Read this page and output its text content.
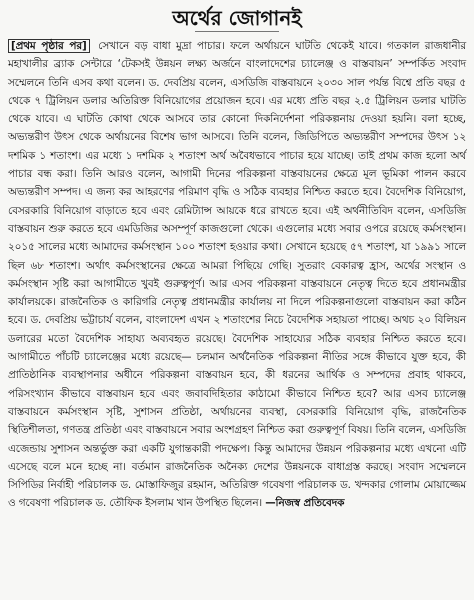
অর্থের জোগানই
[প্রথম পৃষ্ঠার পর] সেখানে বড় বাধা মুদ্রা পাচার। ফলে অর্থায়নে ঘাটতি থেকেই যাবে। গতকাল রাজধানীর মহাখালীর ব্র্যাক সেন্টারে ‘টেকসই উন্নয়ন লক্ষ্য অর্জনে বাংলাদেশের চ্যালেঞ্জ ও বাস্তবায়ন’ সম্পর্কিত সংবাদ সম্মেলনে তিনি এসব কথা বলেন। ড. দেবপ্রিয় বলেন, এসডিজি বাস্তবায়নে ২০৩০ সাল পর্যন্ত বিশ্বে প্রতি বছর ৫ থেকে ৭ ট্রিলিয়ন ডলার অতিরিক্ত বিনিয়োগের প্রয়োজন হবে। এর মধ্যে প্রতি বছর ২.৫ ট্রিলিয়ন ডলার ঘাটতি থেকে যাবে। এ ঘাটতি কোথা থেকে আসবে তার কোনো দিকনির্দেশনা পরিকল্পনায় দেওয়া হয়নি। বলা হচ্ছে, অভ্যন্তরীণ উৎস থেকে অর্থায়নের বিশেষ ভাগ আসবে। তিনি বলেন, জিডিপিতে অভ্যন্তরীণ সম্পদের উৎস ১২ দশমিক ১ শতাংশ। এর মধ্যে ১ দশমিক ২ শতাংশ অর্থ অবৈধভাবে পাচার হয়ে যাচ্ছে। তাই প্রথম কাজ হলো অর্থ পাচার বন্ধ করা। তিনি আরও বলেন, আগামী দিনের পরিকল্পনা বাস্তবায়নের ক্ষেত্রে মূল ভূমিকা পালন করবে অভ্যন্তরীণ সম্পদ। এ জন্য কর আহরণের পরিমাণ বৃদ্ধি ও সঠিক ব্যবহার নিশ্চিত করতে হবে। বৈদেশিক বিনিয়োগ, বেসরকারি বিনিয়োগ বাড়াতে হবে এবং রেমিট্যান্স আয়কে ধরে রাখতে হবে। এই অর্থনীতিবিদ বলেন, এসডিজি বাস্তবায়ন শুরু করতে হবে এমডিজির অসম্পূর্ণ কাজগুলো থেকে। এগুলোর মধ্যে সবার ওপরে রয়েছে কর্মসংস্থান। ২০১৫ সালের মধ্যে আমাদের কর্মসংস্থান ১০০ শতাংশ হওয়ার কথা। সেখানে হয়েছে ৫৭ শতাংশ, যা ১৯৯১ সালে ছিল ৬৮ শতাংশ। অর্থাৎ কর্মসংস্থানের ক্ষেত্রে আমরা পিছিয়ে গেছি। সুতরাং বেকারত্ব হ্রাস, অর্থের সংস্থান ও কর্মসংস্থান সৃষ্টি করা আগামীতে খুবই গুরুত্বপূর্ণ। আর এসব পরিকল্পনা বাস্তবায়নে নেতৃত্ব দিতে হবে প্রধানমন্ত্রীর কার্যালয়কে। রাজনৈতিক ও কারিগরি নেতৃত্ব প্রধানমন্ত্রীর কার্যালয় না দিলে পরিকল্পনাগুলো বাস্তবায়ন করা কঠিন হবে। ড. দেবপ্রিয় ভট্টাচার্য বলেন, বাংলাদেশ এখন ২ শতাংশের নিচে বৈদেশিক সহায়তা পাচ্ছে। অথচ ২০ বিলিয়ন ডলারের মতো বৈদেশিক সাহায্য অব্যবহৃত রয়েছে। বৈদেশিক সাহায্যের সঠিক ব্যবহার নিশ্চিত করতে হবে। আগামীতে পাঁচটি চ্যালেঞ্জের মধ্যে রয়েছে— চলমান অর্থনৈতিক পরিকল্পনা নীতির সঙ্গে কীভাবে যুক্ত হবে, কী প্রাতিষ্ঠানিক ব্যবস্থাপনার অধীনে পরিকল্পনা বাস্তবায়ন হবে, কী ধরনের আর্থিক ও সম্পদের প্রবাহ থাকবে, পরিসংখ্যান কীভাবে বাস্তবায়ন হবে এবং জবাবদিহিতার কাঠামো কীভাবে নিশ্চিত হবে? আর এসব চ্যালেঞ্জ বাস্তবায়নে কর্মসংস্থান সৃষ্টি, সুশাসন প্রতিষ্ঠা, অর্থায়নের ব্যবস্থা, বেসরকারি বিনিয়োগ বৃদ্ধি, রাজনৈতিক স্থিতিশীলতা, গণতন্ত্র প্রতিষ্ঠা এবং বাস্তবায়নে সবার অংশগ্রহণ নিশ্চিত করা গুরুত্বপূর্ণ বিষয়। তিনি বলেন, এসডিজি এজেন্ডায় সুশাসন অন্তর্ভুক্ত করা একটি যুগান্তকারী পদক্ষেপ। কিন্তু আমাদের উন্নয়ন পরিকল্পনার মধ্যে এখনো এটি এসেছে বলে মনে হচ্ছে না। বর্তমান রাজনৈতিক অনৈক্য দেশের উন্নয়নকে বাধাগ্রস্ত করছে। সংবাদ সম্মেলনে সিপিডির নির্বাহী পরিচালক ড. মোস্তাফিজুর রহমান, অতিরিক্ত গবেষণা পরিচালক ড. খন্দকার গোলাম মোয়াজ্জেম ও গবেষণা পরিচালক ড. তৌফিক ইসলাম খান উপস্থিত ছিলেন। —নিজস্ব প্রতিবেদক
